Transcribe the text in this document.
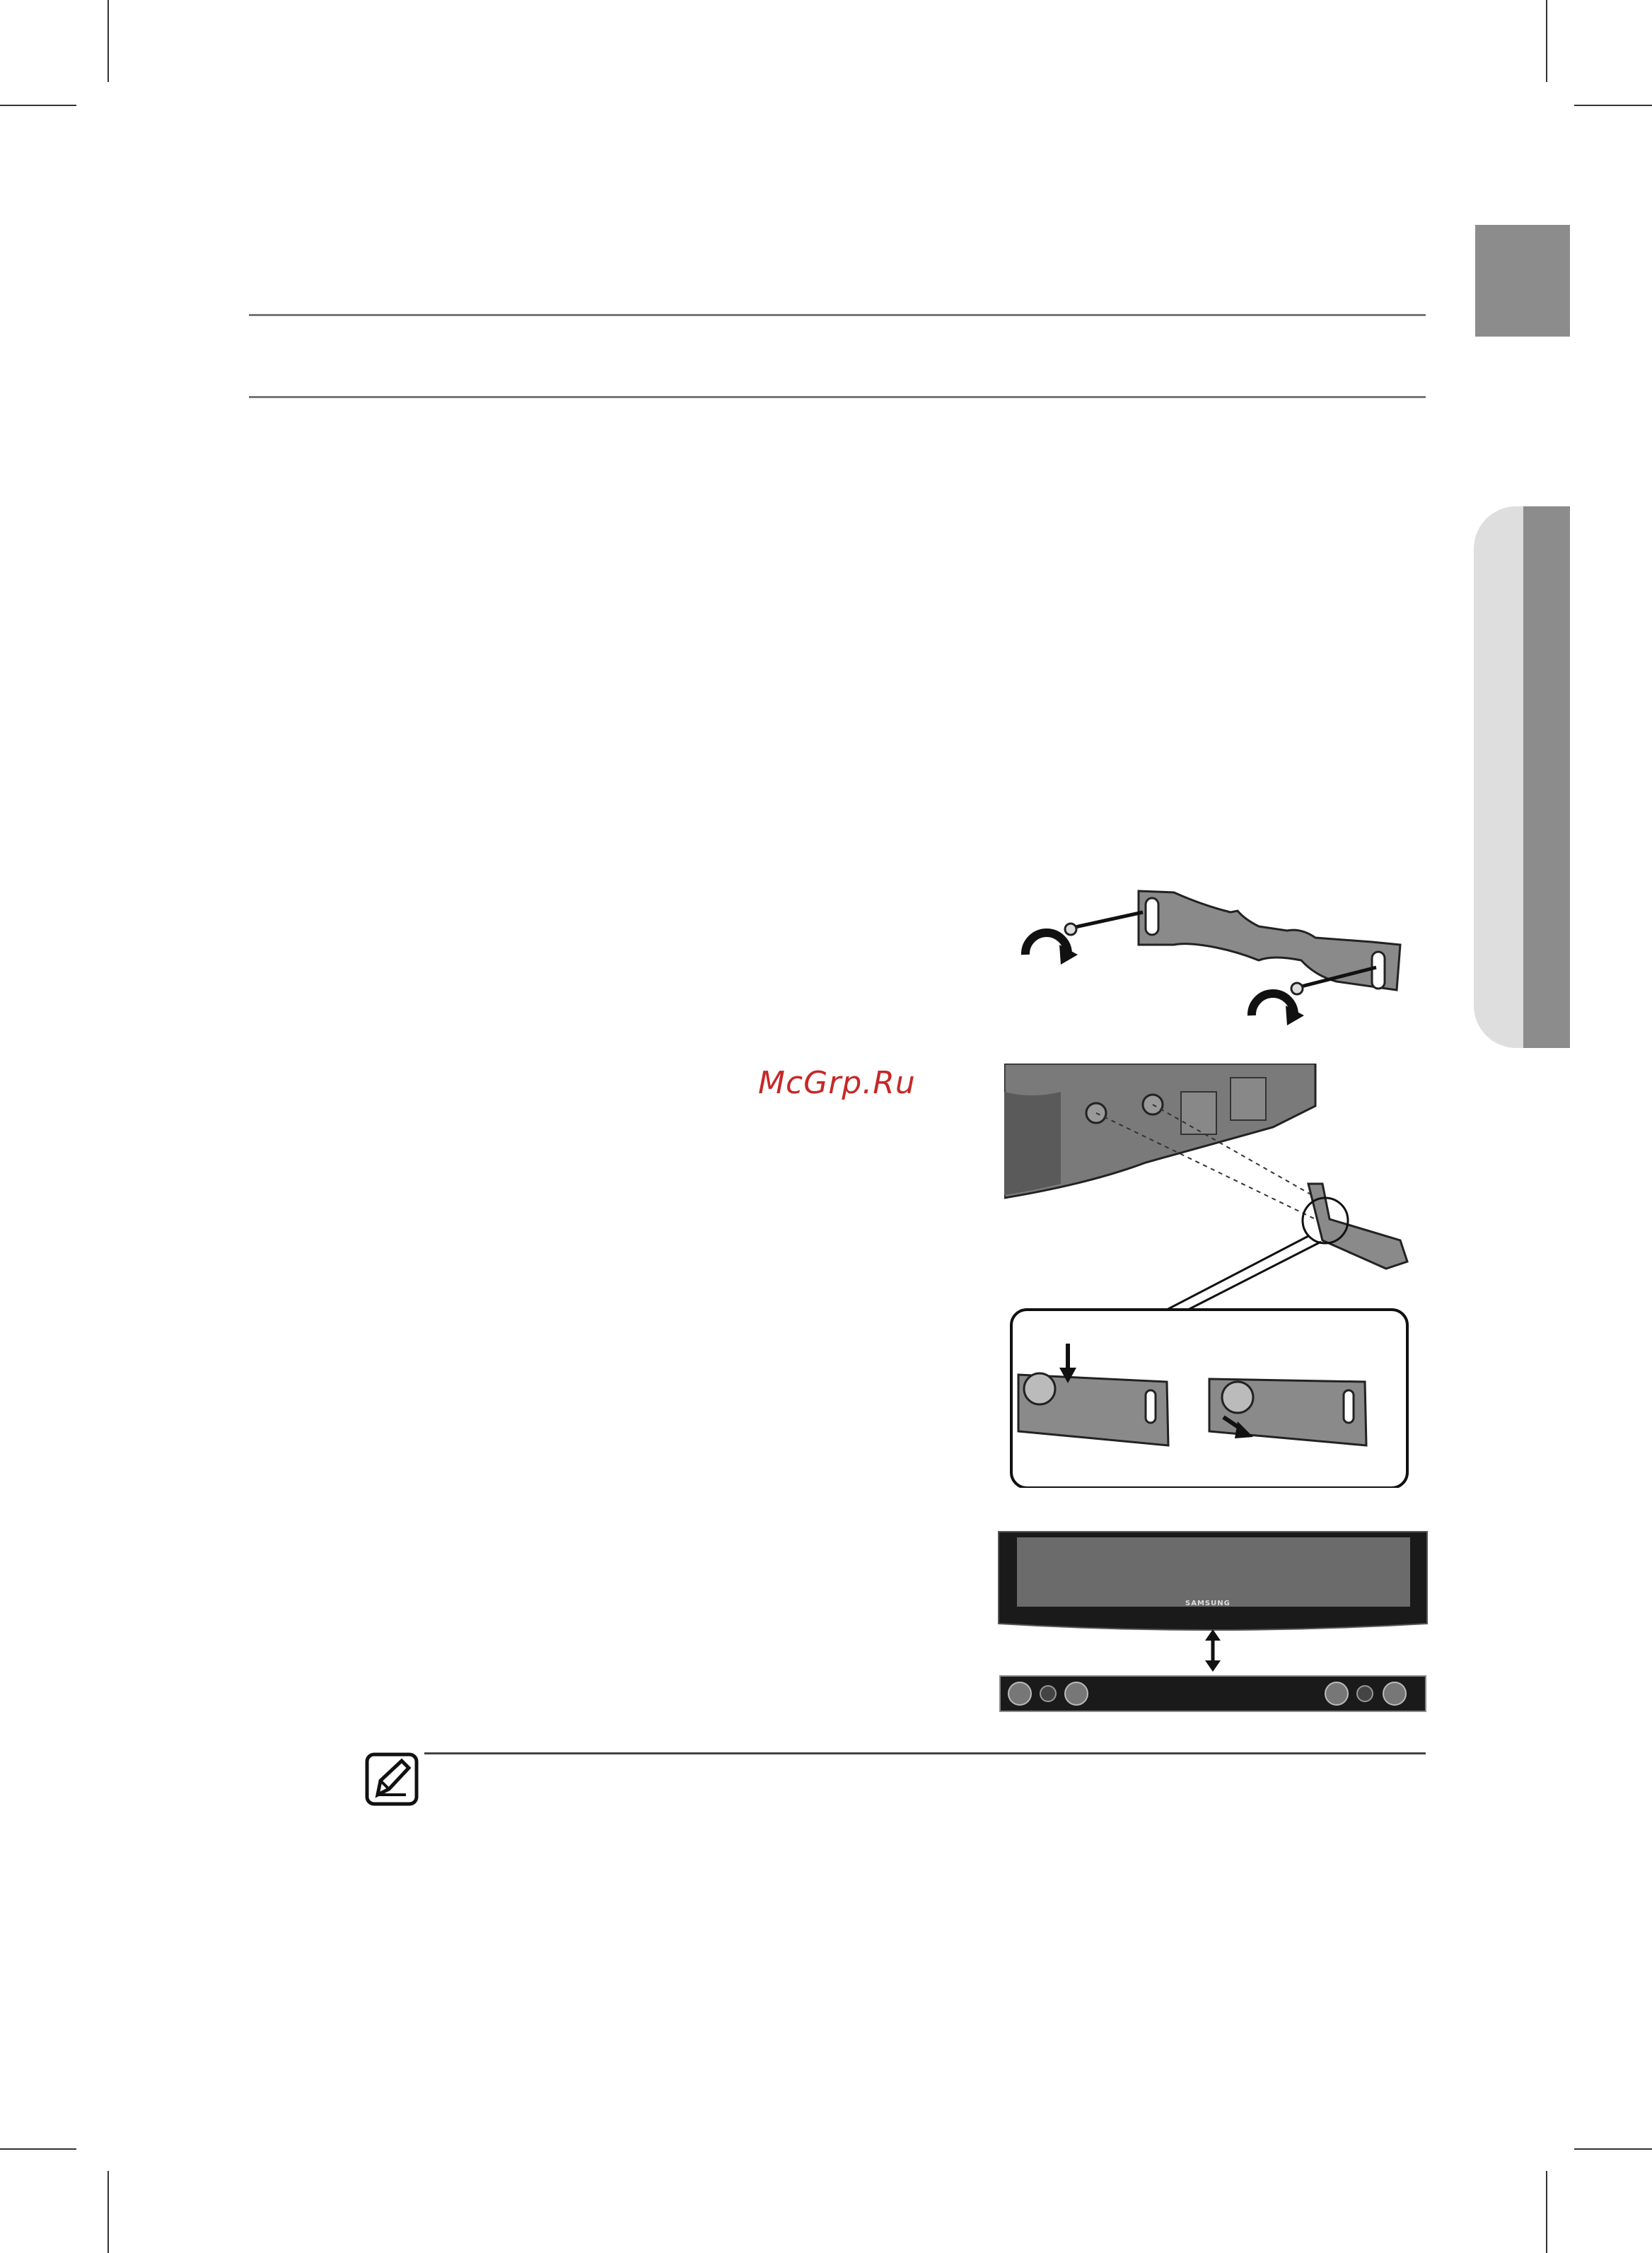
McGrp.Ru
SAMSUNG
